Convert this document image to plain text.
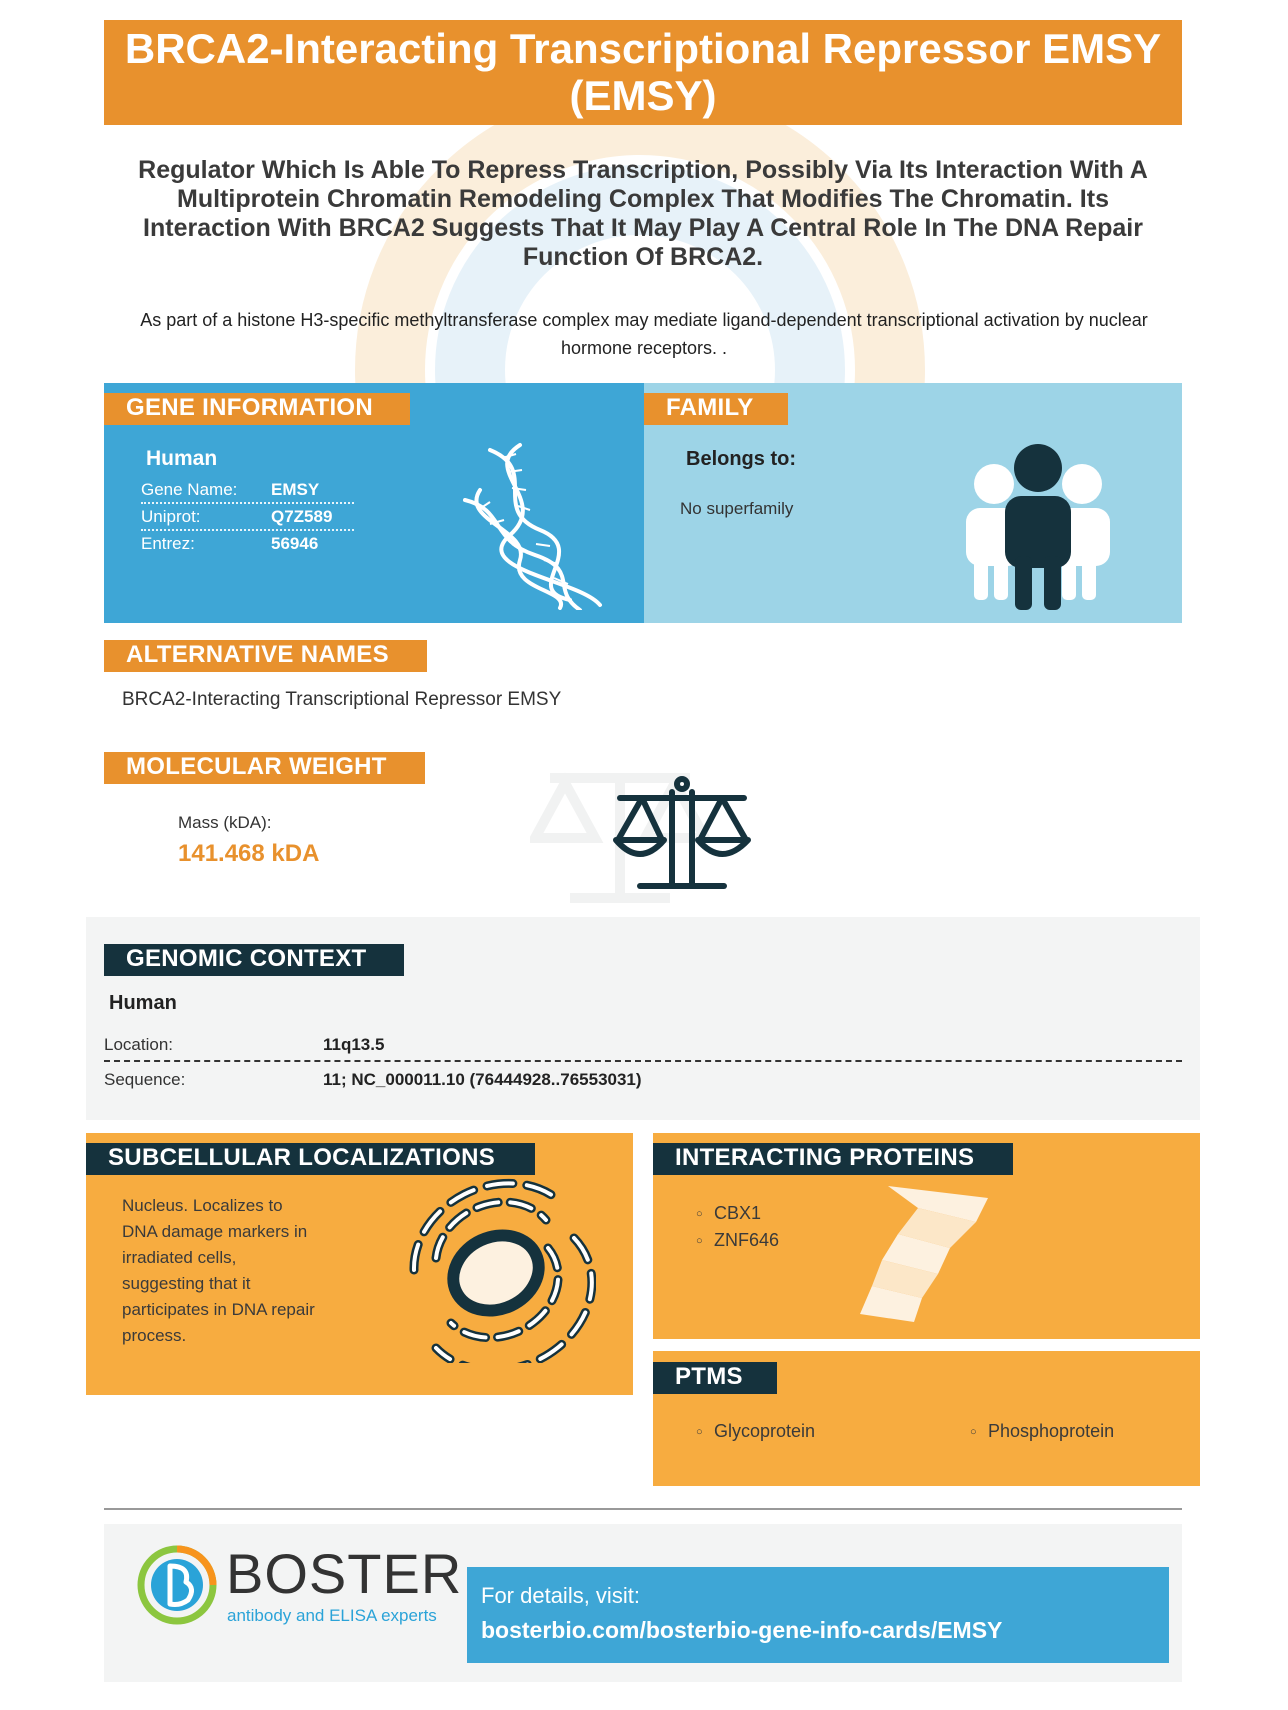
BRCA2-Interacting Transcriptional Repressor EMSY (EMSY)
Regulator Which Is Able To Repress Transcription, Possibly Via Its Interaction With A Multiprotein Chromatin Remodeling Complex That Modifies The Chromatin. Its Interaction With BRCA2 Suggests That It May Play A Central Role In The DNA Repair Function Of BRCA2.
As part of a histone H3-specific methyltransferase complex may mediate ligand-dependent transcriptional activation by nuclear hormone receptors. .
GENE INFORMATION
Human
Gene Name: EMSY
Uniprot:	Q7Z589
Entrez:	56946
FAMILY
Belongs to:
No superfamily
ALTERNATIVE NAMES
BRCA2-Interacting Transcriptional Repressor EMSY
MOLECULAR WEIGHT
Mass (kDA):
141.468 kDA
GENOMIC CONTEXT
Human
Location:	11q13.5
Sequence:	11; NC_000011.10 (76444928..76553031)
SUBCELLULAR LOCALIZATIONS
Nucleus. Localizes to
DNA damage markers in
irradiated cells,
suggesting that it
participates in DNA repair
process.
INTERACTING PROTEINS
○ CBX1
○ ZNF646
PTMS
○ Glycoprotein
○	Phosphoprotein
BOSTER
antibody and ELISA experts
For details, visit:
bosterbio.com/bosterbio-gene-info-cards/EMSY
